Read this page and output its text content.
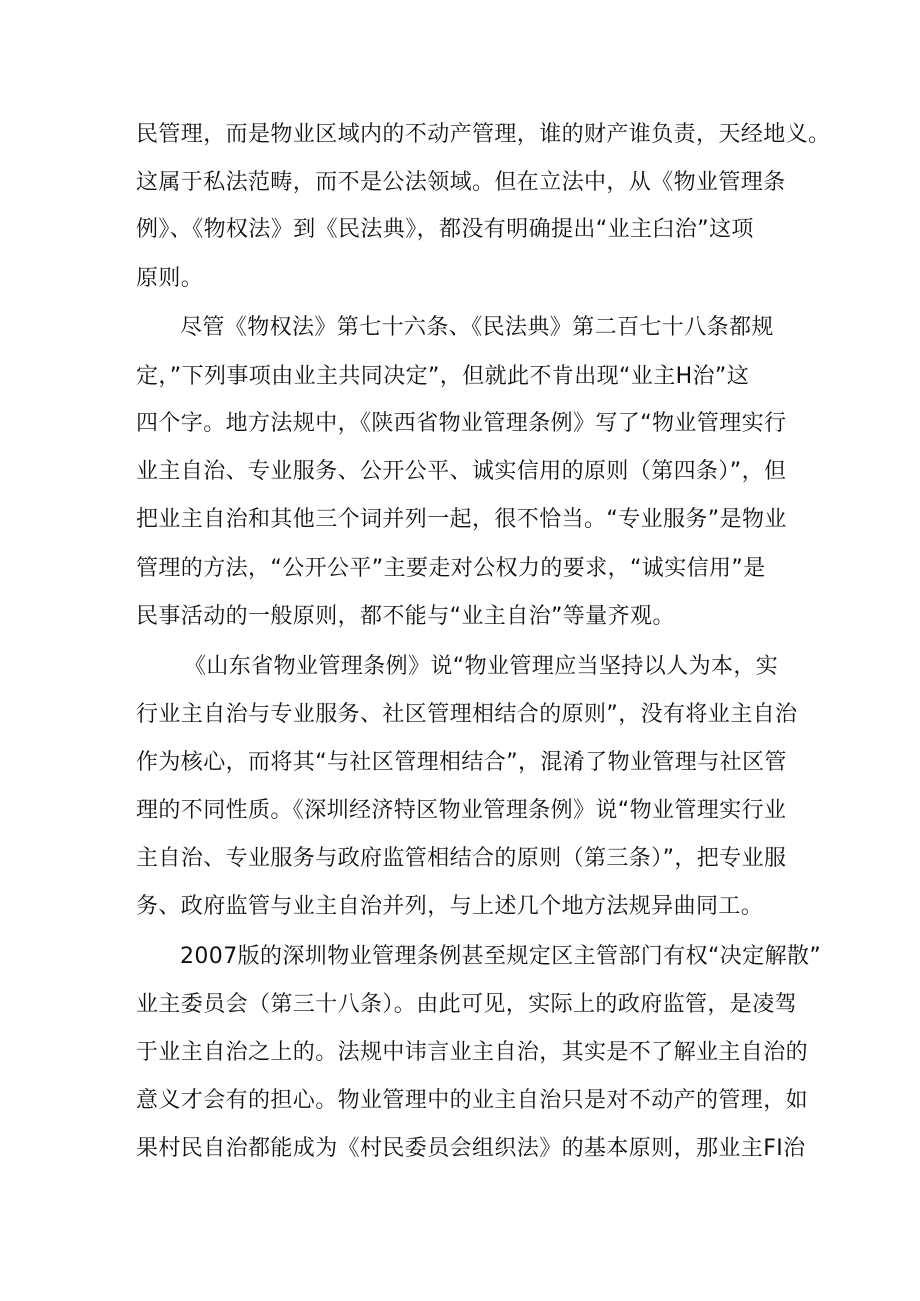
民管理，而是物业区域内的不动产管理，谁的财产谁负责，天经地义。
这属于私法范畴，而不是公法领域。但在立法中，从《物业管理条
例》、《物权法》到《民法典》，都没有明确提出“业主臼治”这项
原则。
尽管《物权法》第七十六条、《民法典》第二百七十八条都规
定，”下列事项由业主共同决定”，但就此不肯出现“业主H治”这
四个字。地方法规中，《陕西省物业管理条例》写了“物业管理实行
业主自治、专业服务、公开公平、诚实信用的原则（第四条）”，但
把业主自治和其他三个词并列一起，很不恰当。“专业服务”是物业
管理的方法，“公开公平”主要走对公权力的要求，“诚实信用”是
民事活动的一般原则，都不能与“业主自治”等量齐观。
《山东省物业管理条例》说“物业管理应当坚持以人为本，实
行业主自治与专业服务、社区管理相结合的原则”，没有将业主自治
作为核心，而将其“与社区管理相结合”，混淆了物业管理与社区管
理的不同性质。《深圳经济特区物业管理条例》说“物业管理实行业
主自治、专业服务与政府监管相结合的原则（第三条）”，把专业服
务、政府监管与业主自治并列，与上述几个地方法规异曲同工。
2007版的深圳物业管理条例甚至规定区主管部门有权“决定解散”
业主委员会（第三十八条）。由此可见，实际上的政府监管，是凌驾
于业主自治之上的。法规中讳言业主自治，其实是不了解业主自治的
意义才会有的担心。物业管理中的业主自治只是对不动产的管理，如
果村民自治都能成为《村民委员会组织法》的基本原则，那业主FI治
